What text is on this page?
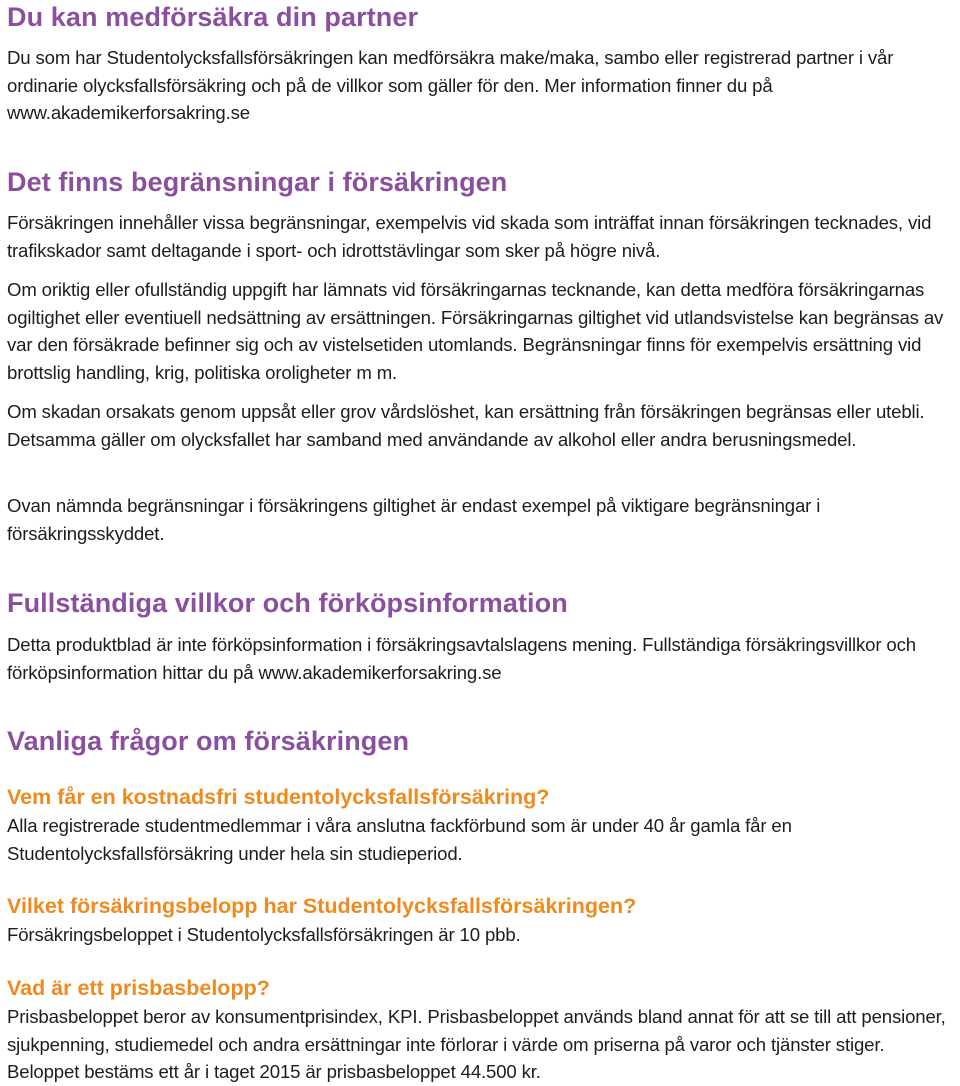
Du kan medförsäkra din partner

Du som har Studentolycksfallsförsäkringen kan medförsäkra make/maka, sambo eller registrerad partner i vår ordinarie olycksfallsförsäkring och på de villkor som gäller för den. Mer information finner du på www.akademikerforsakring.se

Det finns begränsningar i försäkringen

Försäkringen innehåller vissa begränsningar, exempelvis vid skada som inträffat innan försäkringen tecknades, vid trafikskador samt deltagande i sport- och idrottstävlingar som sker på högre nivå.

Om oriktig eller ofullständig uppgift har lämnats vid försäkringarnas tecknande, kan detta medföra försäkringarnas ogiltighet eller eventiuell nedsättning av ersättningen. Försäkringarnas giltighet vid utlandsvistelse kan begränsas av var den försäkrade befinner sig och av vistelsetiden utomlands. Begränsningar finns för exempelvis ersättning vid brottslig handling, krig, politiska oroligheter m m.

Om skadan orsakats genom uppsåt eller grov vårdslöshet, kan ersättning från försäkringen begränsas eller utebli. Detsamma gäller om olycksfallet har samband med användande av alkohol eller andra berusningsmedel.

Ovan nämnda begränsningar i försäkringens giltighet är endast exempel på viktigare begränsningar i försäkringsskyddet.

Fullständiga villkor och förköpsinformation

Detta produktblad är inte förköpsinformation i försäkringsavtalslagens mening. Fullständiga försäkringsvillkor och förköpsinformation hittar du på www.akademikerforsakring.se

Vanliga frågor om försäkringen
Vem får en kostnadsfri studentolycksfallsförsäkring?

Alla registrerade studentmedlemmar i våra anslutna fackförbund som är under 40 år gamla får en Studentolycksfallsförsäkring under hela sin studieperiod.

Vilket försäkringsbelopp har Studentolycksfallsförsäkringen?

Försäkringsbeloppet i Studentolycksfallsförsäkringen är 10 pbb.

Vad är ett prisbasbelopp?

Prisbasbeloppet beror av konsumentprisindex, KPI. Prisbasbeloppet används bland annat för att se till att pensioner, sjukpenning, studiemedel och andra ersättningar inte förlorar i värde om priserna på varor och tjänster stiger. Beloppet bestäms ett år i taget 2015 är prisbasbeloppet 44.500 kr.
